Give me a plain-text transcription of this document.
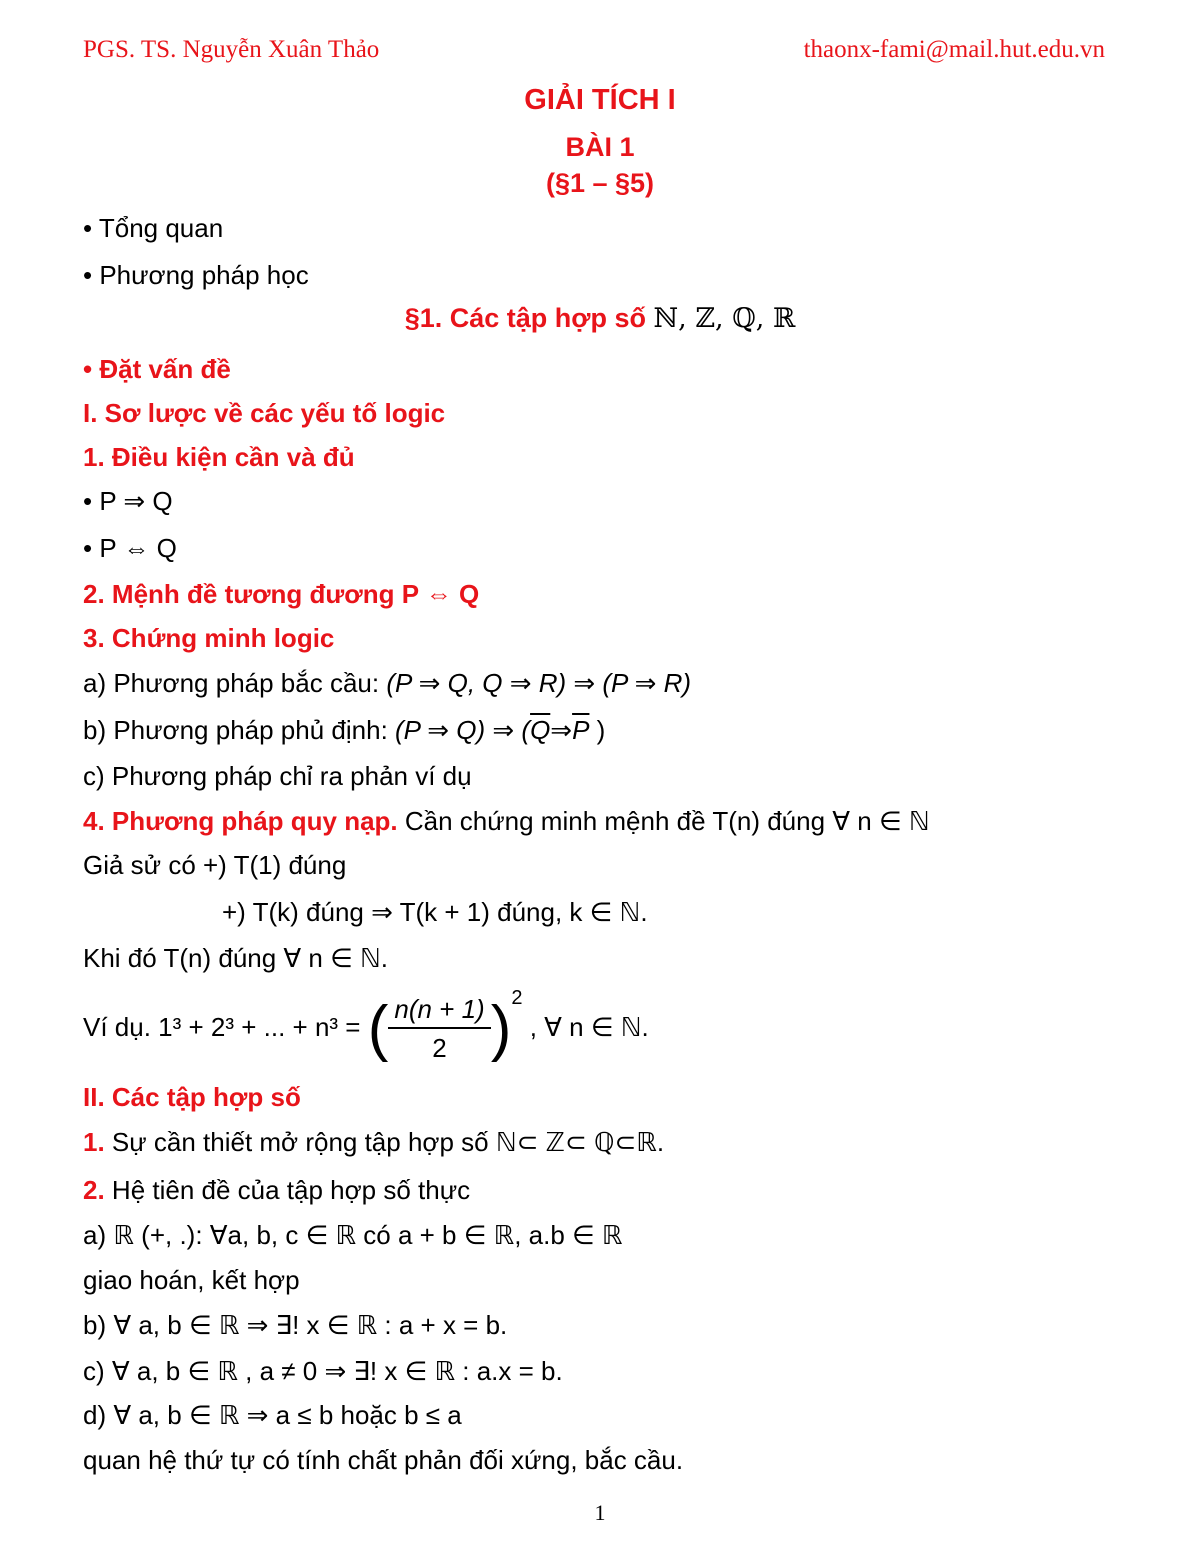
PGS. TS. Nguyễn Xuân Thảo	thaonx-fami@mail.hut.edu.vn
GIẢI TÍCH I
BÀI 1
(§1 – §5)
• Tổng quan
• Phương pháp học
§1. Các tập hợp số ℕ, ℤ, ℚ, ℝ
• Đặt vấn đề
I. Sơ lược về các yếu tố logic
1. Điều kiện cần và đủ
• P ⇒ Q
• P ⇔ Q
2. Mệnh đề tương đương P ⇔ Q
3. Chứng minh logic
a) Phương pháp bắc cầu: (P ⇒ Q, Q ⇒ R) ⇒ (P ⇒ R)
b) Phương pháp phủ định: (P ⇒ Q) ⇒ ($\overline{Q}\Rightarrow\overline{P}$ )
c) Phương pháp chỉ ra phản ví dụ
4. Phương pháp quy nạp. Cần chứng minh mệnh đề T(n) đúng ∀ n ∈ ℕ
Giả sử có +) T(1) đúng
+) T(k) đúng ⇒ T(k + 1) đúng, k ∈ ℕ.
Khi đó T(n) đúng ∀ n ∈ ℕ.
Ví dụ. 1³ + 2³ + ... + n³ = ( $\frac{n(n + 1)}{2} )^2$ , ∀ n ∈ ℕ.
II. Các tập hợp số
1. Sự cần thiết mở rộng tập hợp số ℕ⊂ ℤ⊂ ℚ⊂ℝ.
2. Hệ tiên đề của tập hợp số thực
a) ℝ (+, .): ∀a, b, c ∈ ℝ có a + b ∈ ℝ, a.b ∈ ℝ
giao hoán, kết hợp
b) ∀ a, b ∈ ℝ ⇒ ∃! x ∈ ℝ : a + x = b.
c) ∀ a, b ∈ ℝ , a ≠ 0 ⇒ ∃! x ∈ ℝ : a.x = b.
d) ∀ a, b ∈ ℝ ⇒ a ≤ b hoặc b ≤ a
quan hệ thứ tự có tính chất phản đối xứng, bắc cầu.
1
